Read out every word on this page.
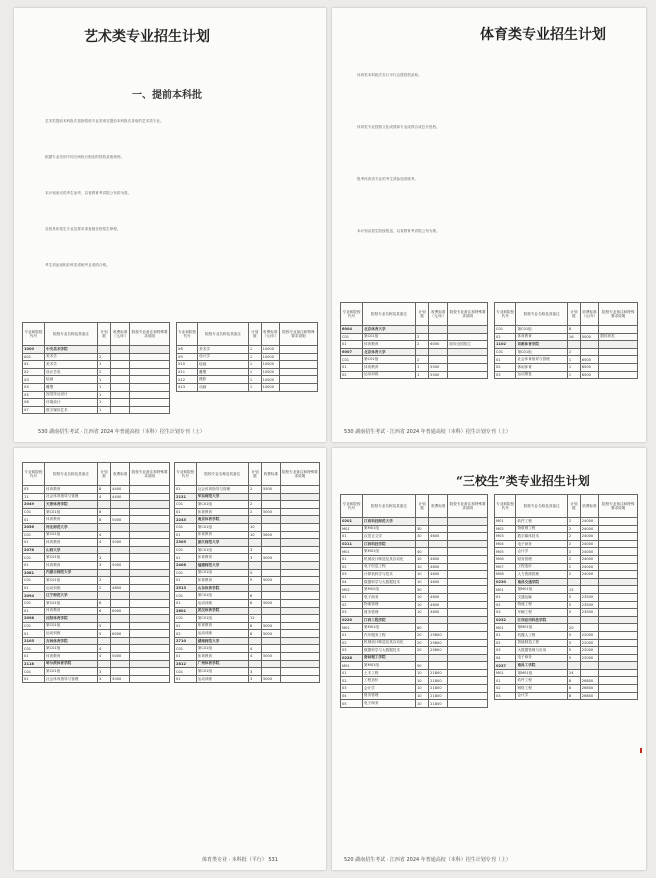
艺术类专业招生计划
一、提前本科批
艺术类提前本科批次是指招收专业类别在提前本科批次录取的艺术类专业。
根据专业类别不同分别执行相应的投档录取规则。
本计划表仅供考生参考，以省教育考试院公布的为准。
各校具体招生专业及要求请查阅各校招生章程。
考生须参加相应科类省统考且成绩合格。
专业和院校代号	院校专业名称及其备注	计划数	收费标准（元/年）	院校专业备注和特殊要求说明
1000	中央美术学院			
A01	美术学	2		
X1	美术学	1		
X2	设计学类	2		
X3	绘画	1		
X4	雕塑	1		
X5	视觉传达设计	1		
X6	环境设计	1		
X7	数字媒体艺术	1		
专业和院校代号	院校专业名称及其备注	计划数	收费标准（元/年）	院校专业备注和特殊要求说明
X8	美术学	1	10000	
X9	设计学	1	10000	
X10	绘画	1	10000	
X11	雕塑	1	10000	
X12	摄影	1	10000	
X13	动画	1	10000	
530 湖南招生考试 · 江西省 2024 年普通高校（本科）招生计划专刊（上）
体育类专业招生计划
体育类本科批次实行平行志愿投档录取。
体育类专业按照文化成绩和专业成绩合成总分投档。
报考体育类专业的考生须参加省统考。
本计划由招生院校报送，以省教育考试院公布为准。
专业和院校代号	院校专业名称及其备注	计划数	收费标准（元/年）	院校专业备注和特殊要求说明
6004	北京体育大学			
C01	第C01组	2		
01	体育教育	2	6000	面向全国招生
6007	北京体育大学			
C01	第C01组	2		
01	体育教育	1	5500	
02	运动训练	1	5500	
专业和院校代号	院校专业名称及其备注	计划数	收费标准（元/年）	院校专业备注和特殊要求说明
C01	第C01组	8		
01	体育教育	16	5000	限体育类
1102	首都体育学院			
C01	第C01组	2		
01	社会体育指导与管理	1	6500	
02	休闲体育	1	6500	
03	运动康复	1	6500	
530 湖南招生考试 · 江西省 2024 年普通高校（本科）招生计划专刊（上）
专业和院校代号	院校专业名称及其备注	计划数	收费标准	院校专业备注和特殊要求说明
03	体育教育	8	4400	
11	社会体育指导与管理	4	4400	
2049	天津体育学院			
C01	第C01组	8		
01	体育教育	8	5000	
2056	河北师范大学			
C01	第C01组	4		
01	体育教育	4	5000	
2078	山西大学			
C01	第C01组	3		
01	体育教育	3	5000	
2081	内蒙古师范大学			
C01	第C01组	2		
01	运动训练	2	4800	
2094	辽宁师范大学			
C01	第C01组	6		
01	体育教育	6	6000	
2098	沈阳体育学院			
C01	第C01组	5		
01	运动训练	5	6000	
2105	吉林体育学院			
C01	第C01组	4		
01	体育教育	4	5000	
2118	哈尔滨体育学院			
C01	第C01组	3		
01	社会体育指导与管理	3	5000	
专业和院校代号	院校专业名称及其备注	计划数	收费标准	院校专业备注和特殊要求说明
01	社会体育指导与管理	2	5500	
2131	华东师范大学			
C01	第C01组	2		
01	体育教育	2	5000	
2245	南京体育学院			
C01	第C01组	10		
01	体育教育	10	5600	
2305	浙江师范大学			
C01	第C01组	3		
01	体育教育	3	5000	
2408	福建师范大学			
C01	第C01组	5		
01	体育教育	5	5000	
2513	山东体育学院			
C01	第C01组	6		
01	运动训练	6	5000	
2601	武汉体育学院			
C01	第C01组	12		
01	体育教育	6	5000	
02	运动训练	6	5000	
2710	湖南师范大学			
C01	第C01组	4		
01	体育教育	4	5000	
2812	广州体育学院			
C01	第C01组	3		
01	运动训练	3	5000	
体育类专业 · 本科批（平行） 531
“三校生”类专业招生计划
专业和院校代号	院校专业名称及其备注	计划数	收费标准	院校专业备注和特殊要求说明
0201	江西科技师范大学			
M01	第M01组	30		
01	汉语言文学	30	4600	
0211	江西科技学院			
M01	第M01组	40		
01	机械设计制造及其自动化	10	4600	
02	电子信息工程	10	4600	
03	计算机科学与技术	10	4600	
04	数据科学与大数据技术	10	4600	
M02	第M02组	30		
01	电子商务	10	4600	
02	物流管理	10	4600	
03	财务管理	10	4600	
0220	江西工程学院			
M01	第M01组	60		
01	汽车服务工程	20	25800	
02	机械设计制造及其自动化	20	25800	
03	数据科学与大数据技术	20	25800	
0228	南昌理工学院			
M01	第M01组	50		
01	土木工程	10	21800	
02	工程造价	10	21800	
03	会计学	10	21800	
04	财务管理	10	21800	
05	电子商务	10	21800	
专业和院校代号	院校专业名称及其备注	计划数	收费标准	院校专业备注和特殊要求说明
M01	软件工程	2	24000	
M02	物联网工程	2	24000	
M03	数字媒体技术	2	24000	
M04	电子商务	2	24000	
M05	会计学	2	24000	
M06	财务管理	2	24000	
M07	工程造价	2	24000	
M08	人力资源管理	2	24000	
0230	南昌交通学院			
M01	第M01组	15		
01	交通运输	5	23500	
02	物流工程	5	23500	
03	车辆工程	5	23500	
0232	江西应用科技学院			
M01	第M01组	20		
01	机器人工程	5	22000	
02	智能制造工程	5	22000	
03	大数据管理与应用	5	22000	
04	电子商务	5	22000	
0237	南昌工学院			
M01	第M01组	24		
01	软件工程	8	26800	
02	网络工程	8	26800	
03	会计学	8	26800	
520 湖南招生考试 · 江西省 2024 年普通高校（本科）招生计划专刊（上）
